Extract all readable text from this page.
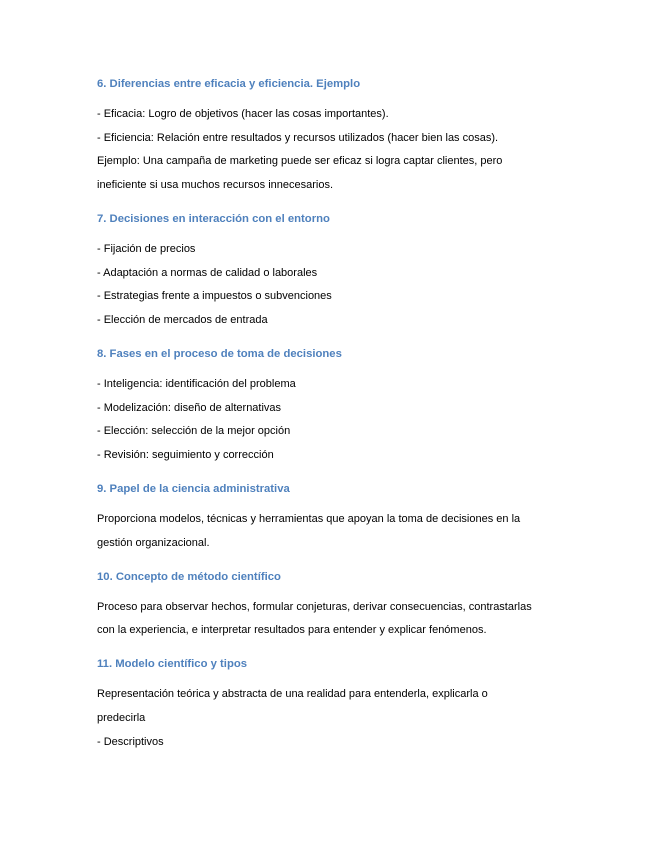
6. Diferencias entre eficacia y eficiencia. Ejemplo
- Eficacia: Logro de objetivos (hacer las cosas importantes).
- Eficiencia: Relación entre resultados y recursos utilizados (hacer bien las cosas).
Ejemplo: Una campaña de marketing puede ser eficaz si logra captar clientes, pero
ineficiente si usa muchos recursos innecesarios.
7. Decisiones en interacción con el entorno
- Fijación de precios
- Adaptación a normas de calidad o laborales
- Estrategias frente a impuestos o subvenciones
- Elección de mercados de entrada
8. Fases en el proceso de toma de decisiones
- Inteligencia: identificación del problema
- Modelización: diseño de alternativas
- Elección: selección de la mejor opción
- Revisión: seguimiento y corrección
9. Papel de la ciencia administrativa
Proporciona modelos, técnicas y herramientas que apoyan la toma de decisiones en la
gestión organizacional.
10. Concepto de método científico
Proceso para observar hechos, formular conjeturas, derivar consecuencias, contrastarlas
con la experiencia, e interpretar resultados para entender y explicar fenómenos.
11. Modelo científico y tipos
Representación teórica y abstracta de una realidad para entenderla, explicarla o
predecirla
- Descriptivos
